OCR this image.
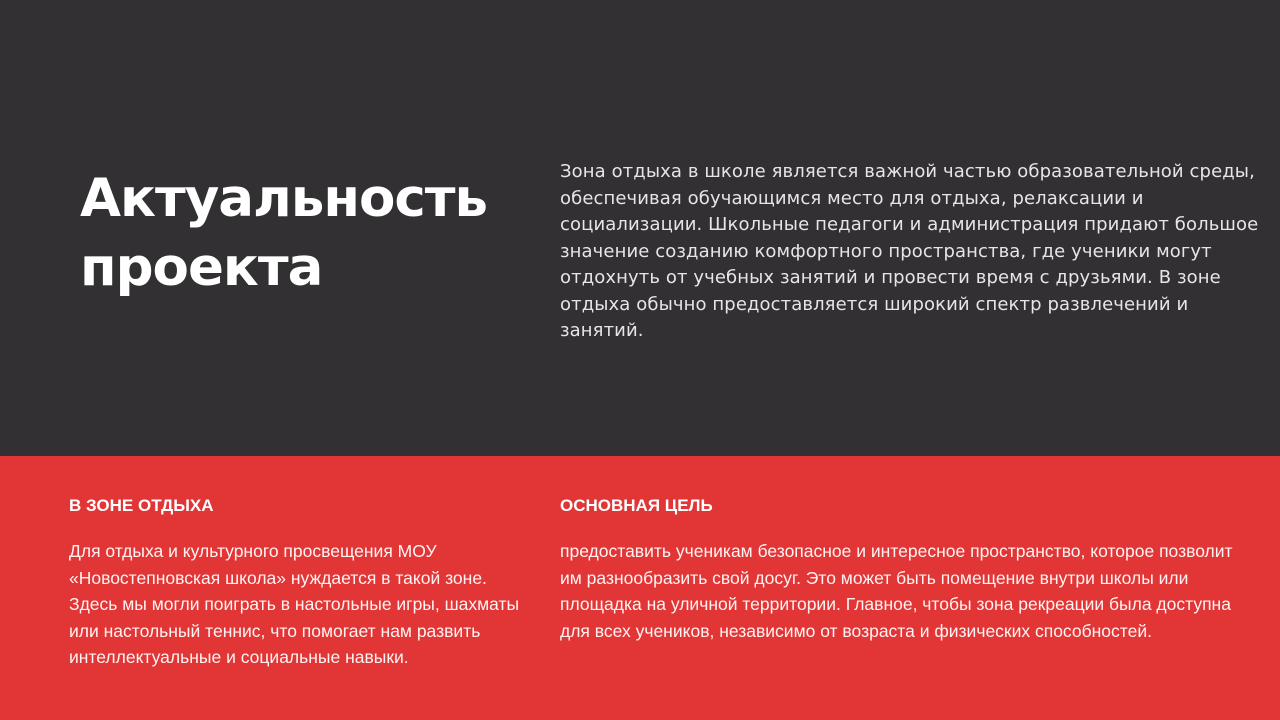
Актуальность проекта

Зона отдыха в школе является важной частью образовательной среды, обеспечивая обучающимся место для отдыха, релаксации и социализации. Школьные педагоги и администрация придают большое значение созданию комфортного пространства, где ученики могут отдохнуть от учебных занятий и провести время с друзьями. В зоне отдыха обычно предоставляется широкий спектр развлечений и занятий.

В ЗОНЕ ОТДЫХА

Для отдыха и культурного просвещения МОУ «Новостепновская школа» нуждается в такой зоне. Здесь мы могли поиграть в настольные игры, шахматы или настольный теннис, что помогает нам развить интеллектуальные и социальные навыки.

ОСНОВНАЯ ЦЕЛЬ

предоставить ученикам безопасное и интересное пространство, которое позволит им разнообразить свой досуг. Это может быть помещение внутри школы или площадка на уличной территории. Главное, чтобы зона рекреации была доступна для всех учеников, независимо от возраста и физических способностей.
